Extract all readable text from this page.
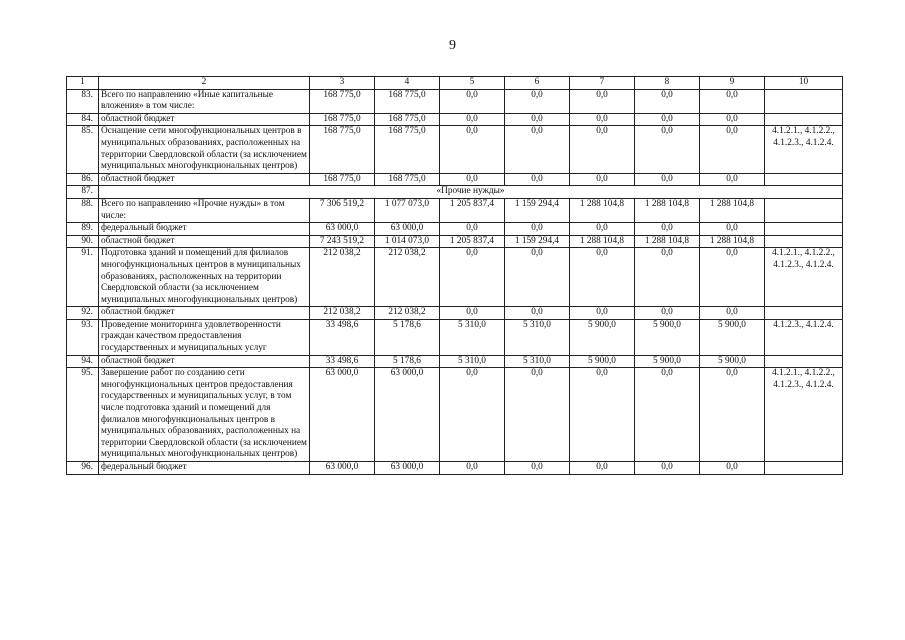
9
1	2	3	4	5	6	7	8	9	10
83.	Всего по направлению «Иные капитальные вложения» в том числе:	168 775,0	168 775,0	0,0	0,0	0,0	0,0	0,0	
84.	областной бюджет	168 775,0	168 775,0	0,0	0,0	0,0	0,0	0,0	
85.	Оснащение сети многофункциональных центров в муниципальных образованиях, расположенных на территории Свердловской области (за исключением муниципальных многофункциональных центров)	168 775,0	168 775,0	0,0	0,0	0,0	0,0	0,0	4.1.2.1., 4.1.2.2., 4.1.2.3., 4.1.2.4.
86.	областной бюджет	168 775,0	168 775,0	0,0	0,0	0,0	0,0	0,0	
87.	«Прочие нужды»								
88.	Всего по направлению «Прочие нужды» в том числе:	7 306 519,2	1 077 073,0	1 205 837,4	1 159 294,4	1 288 104,8	1 288 104,8	1 288 104,8	
89.	федеральный бюджет	63 000,0	63 000,0	0,0	0,0	0,0	0,0	0,0	
90.	областной бюджет	7 243 519,2	1 014 073,0	1 205 837,4	1 159 294,4	1 288 104,8	1 288 104,8	1 288 104,8	
91.	Подготовка зданий и помещений для филиалов многофункциональных центров в муниципальных образованиях, расположенных на территории Свердловской области (за исключением муниципальных многофункциональных центров)	212 038,2	212 038,2	0,0	0,0	0,0	0,0	0,0	4.1.2.1., 4.1.2.2., 4.1.2.3., 4.1.2.4.
92.	областной бюджет	212 038,2	212 038,2	0,0	0,0	0,0	0,0	0,0	
93.	Проведение мониторинга удовлетворенности граждан качеством предоставления государственных и муниципальных услуг	33 498,6	5 178,6	5 310,0	5 310,0	5 900,0	5 900,0	5 900,0	4.1.2.3., 4.1.2.4.
94.	областной бюджет	33 498,6	5 178,6	5 310,0	5 310,0	5 900,0	5 900,0	5 900,0	
95.	Завершение работ по созданию сети многофункциональных центров предоставления государственных и муниципальных услуг, в том числе подготовка зданий и помещений для филиалов многофункциональных центров в муниципальных образованиях, расположенных на территории Свердловской области (за исключением муниципальных многофункциональных центров)	63 000,0	63 000,0	0,0	0,0	0,0	0,0	0,0	4.1.2.1., 4.1.2.2., 4.1.2.3., 4.1.2.4.
96.	федеральный бюджет	63 000,0	63 000,0	0,0	0,0	0,0	0,0	0,0	
